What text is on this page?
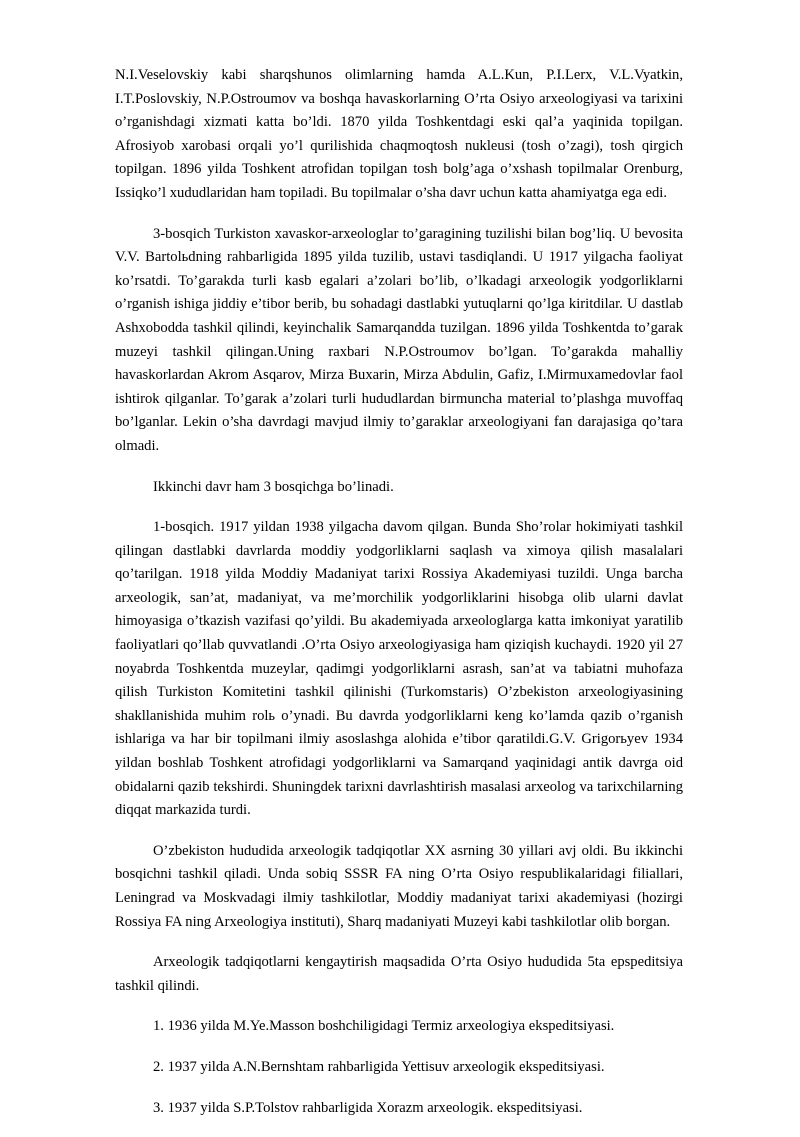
N.I.Veselovskiy kabi sharqshunos olimlarning hamda A.L.Kun, P.I.Lerx, V.L.Vyatkin, I.T.Poslovskiy, N.P.Ostroumov va boshqa havaskorlarning O’rta Osiyo arxeologiyasi va tarixini o’rganishdagi xizmati katta bo’ldi. 1870 yilda Toshkentdagi eski qal’a yaqinida topilgan. Afrosiyob xarobasi orqali yo’l qurilishida chaqmoqtosh nukleusi (tosh o’zagi), tosh qirgich topilgan. 1896 yilda Toshkent atrofidan topilgan tosh bolg’aga o’xshash topilmalar Orenburg, Issiqko’l xududlaridan ham topiladi. Bu topilmalar o’sha davr uchun katta ahamiyatga ega edi.

3-bosqich Turkiston xavaskor-arxeologlar to’garagining tuzilishi bilan bog’liq. U bevosita V.V. Bartolьdning rahbarligida 1895 yilda tuzilib, ustavi tasdiqlandi. U 1917 yilgacha faoliyat ko’rsatdi. To’garakda turli kasb egalari a’zolari bo’lib, o’lkadagi arxeologik yodgorliklarni o’rganish ishiga jiddiy e’tibor berib, bu sohadagi dastlabki yutuqlarni qo’lga kiritdilar. U dastlab Ashxobodda tashkil qilindi, keyinchalik Samarqandda tuzilgan. 1896 yilda Toshkentda to’garak muzeyi tashkil qilingan.Uning raxbari N.P.Ostroumov bo’lgan. To’garakda mahalliy havaskorlardan Akrom Asqarov, Mirza Buxarin, Mirza Abdulin, Gafiz, I.Mirmuxamedovlar faol ishtirok qilganlar. To’garak a’zolari turli hududlardan birmuncha material to’plashga muvoffaq bo’lganlar. Lekin o’sha davrdagi mavjud ilmiy to’garaklar arxeologiyani fan darajasiga qo’tara olmadi.

Ikkinchi davr ham 3 bosqichga bo’linadi.

1-bosqich. 1917 yildan 1938 yilgacha davom qilgan. Bunda Sho’rolar hokimiyati tashkil qilingan dastlabki davrlarda moddiy yodgorliklarni saqlash va ximoya qilish masalalari qo’tarilgan. 1918 yilda Moddiy Madaniyat tarixi Rossiya Akademiyasi tuzildi. Unga barcha arxeologik, san’at, madaniyat, va me’morchilik yodgorliklarini hisobga olib ularni davlat himoyasiga o’tkazish vazifasi qo’yildi. Bu akademiyada arxeologlarga katta imkoniyat yaratilib faoliyatlari qo’llab quvvatlandi .O’rta Osiyo arxeologiyasiga ham qiziqish kuchaydi. 1920 yil 27 noyabrda Toshkentda muzeylar, qadimgi yodgorliklarni asrash, san’at va tabiatni muhofaza qilish Turkiston Komitetini tashkil qilinishi (Turkomstaris) O’zbekiston arxeologiyasining shakllanishida muhim rolь o’ynadi. Bu davrda yodgorliklarni keng ko’lamda qazib o’rganish ishlariga va har bir topilmani ilmiy asoslashga alohida e’tibor qaratildi.G.V. Grigorьyev 1934 yildan boshlab Toshkent atrofidagi yodgorliklarni va Samarqand yaqinidagi antik davrga oid obidalarni qazib tekshirdi. Shuningdek tarixni davrlashtirish masalasi arxeolog va tarixchilarning diqqat markazida turdi.

O’zbekiston hududida arxeologik tadqiqotlar XX asrning 30 yillari avj oldi. Bu ikkinchi bosqichni tashkil qiladi. Unda sobiq SSSR FA ning O’rta Osiyo respublikalaridagi filiallari, Leningrad va Moskvadagi ilmiy tashkilotlar, Moddiy madaniyat tarixi akademiyasi (hozirgi Rossiya FA ning Arxeologiya instituti), Sharq madaniyati Muzeyi kabi tashkilotlar olib borgan.

Arxeologik tadqiqotlarni kengaytirish maqsadida O’rta Osiyo hududida 5ta epspeditsiya tashkil qilindi.

1. 1936 yilda M.Ye.Masson boshchiligidagi Termiz arxeologiya ekspeditsiyasi.

2. 1937 yilda A.N.Bernshtam rahbarligida Yettisuv arxeologik ekspeditsiyasi.

3. 1937 yilda S.P.Tolstov rahbarligida Xorazm arxeologik. ekspeditsiyasi.
